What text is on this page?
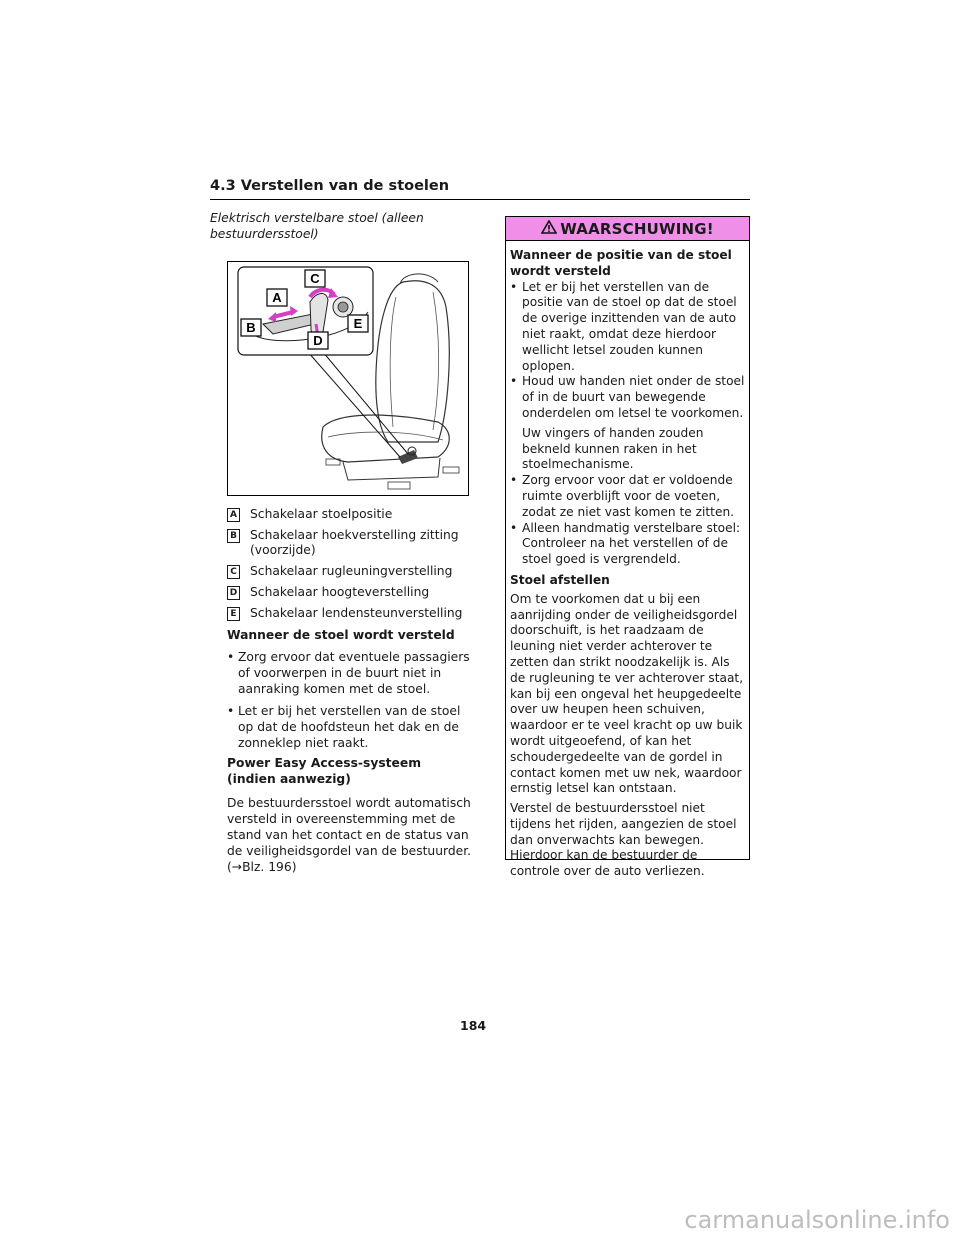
4.3 Verstellen van de stoelen

Elektrisch verstelbare stoel (alleen bestuurdersstoel)

A
B
C
D
E
A Schakelaar stoelpositie
B Schakelaar hoekverstelling zitting (voorzijde)
C Schakelaar rugleuningverstelling
D Schakelaar hoogteverstelling
E Schakelaar lendensteunverstelling
Wanneer de stoel wordt versteld
• Zorg ervoor dat eventuele passagiers of voorwerpen in de buurt niet in aanraking komen met de stoel.
• Let er bij het verstellen van de stoel op dat de hoofdsteun het dak en de zonneklep niet raakt.
Power Easy Access-systeem (indien aanwezig)

De bestuurdersstoel wordt automatisch versteld in overeenstemming met de stand van het contact en de status van de veiligheidsgordel van de bestuurder. (→Blz. 196)

WAARSCHUWING!

Wanneer de positie van de stoel wordt versteld

• Let er bij het verstellen van de positie van de stoel op dat de stoel de overige inzittenden van de auto niet raakt, omdat deze hierdoor wellicht letsel zouden kunnen oplopen.
• Houd uw handen niet onder de stoel of in de buurt van bewegende onderdelen om letsel te voorkomen.

Uw vingers of handen zouden bekneld kunnen raken in het stoelmechanisme.

• Zorg ervoor voor dat er voldoende ruimte overblijft voor de voeten, zodat ze niet vast komen te zitten.
• Alleen handmatig verstelbare stoel: Controleer na het verstellen of de stoel goed is vergrendeld.

Stoel afstellen

Om te voorkomen dat u bij een aanrijding onder de veiligheidsgordel doorschuift, is het raadzaam de leuning niet verder achterover te zetten dan strikt noodzakelijk is. Als de rugleuning te ver achterover staat, kan bij een ongeval het heupgedeelte over uw heupen heen schuiven, waardoor er te veel kracht op uw buik wordt uitgeoefend, of kan het schoudergedeelte van de gordel in contact komen met uw nek, waardoor ernstig letsel kan ontstaan.

Verstel de bestuurdersstoel niet tijdens het rijden, aangezien de stoel dan onverwachts kan bewegen. Hierdoor kan de bestuurder de controle over de auto verliezen.

184
carmanualsonline.info
